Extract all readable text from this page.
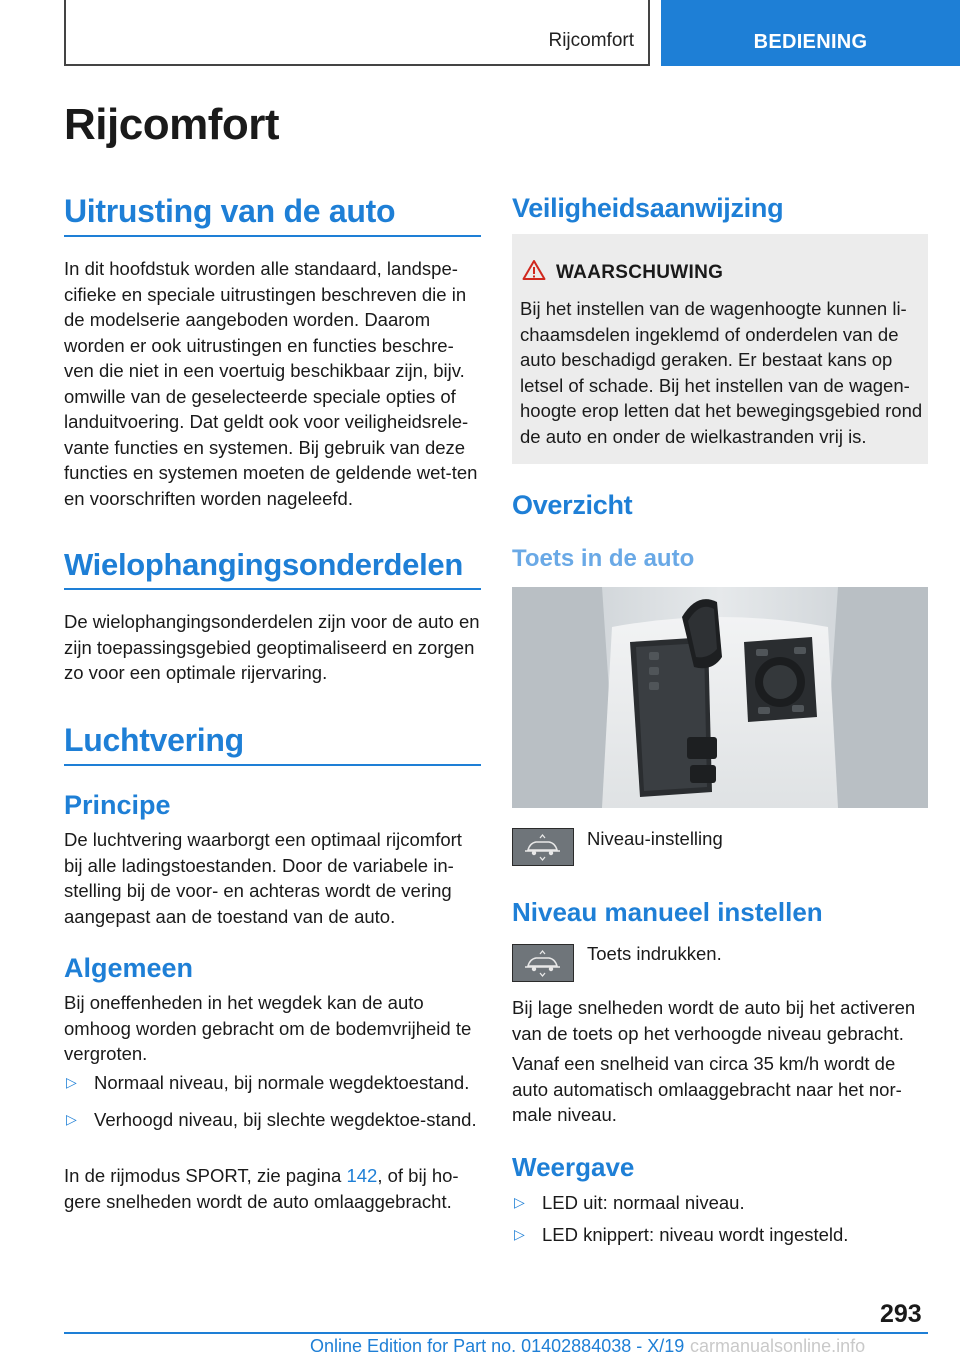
Rijcomfort	BEDIENING
Rijcomfort
Uitrusting van de auto
In dit hoofdstuk worden alle standaard, landspe-cifieke en speciale uitrustingen beschreven die in de modelserie aangeboden worden. Daarom worden er ook uitrustingen en functies beschre-ven die niet in een voertuig beschikbaar zijn, bijv. omwille van de geselecteerde speciale opties of landuitvoering. Dat geldt ook voor veiligheidsrele-vante functies en systemen. Bij gebruik van deze functies en systemen moeten de geldende wet-ten en voorschriften worden nageleefd.
Wielophangingsonderdelen
De wielophangingsonderdelen zijn voor de auto en zijn toepassingsgebied geoptimaliseerd en zorgen zo voor een optimale rijervaring.
Luchtvering
Principe
De luchtvering waarborgt een optimaal rijcomfort bij alle ladingstoestanden. Door de variabele in-stelling bij de voor- en achteras wordt de vering aangepast aan de toestand van de auto.
Algemeen
Bij oneffenheden in het wegdek kan de auto omhoog worden gebracht om de bodemvrijheid te vergroten.
▷ Normaal niveau, bij normale wegdektoestand.
▷ Verhoogd niveau, bij slechte wegdektoe-stand.
In de rijmodus SPORT, zie pagina 142, of bij ho-gere snelheden wordt de auto omlaaggebracht.
Veiligheidsaanwijzing
WAARSCHUWING
Bij het instellen van de wagenhoogte kunnen li-chaamsdelen ingeklemd of onderdelen van de auto beschadigd geraken. Er bestaat kans op letsel of schade. Bij het instellen van de wagen-hoogte erop letten dat het bewegingsgebied rond de auto en onder de wielkastranden vrij is.
Overzicht
Toets in de auto
Niveau-instelling
Niveau manueel instellen
Toets indrukken.
Bij lage snelheden wordt de auto bij het activeren van de toets op het verhoogde niveau gebracht.
Vanaf een snelheid van circa 35 km/h wordt de auto automatisch omlaaggebracht naar het nor-male niveau.
Weergave
▷ LED uit: normaal niveau.
▷ LED knippert: niveau wordt ingesteld.
293
Online Edition for Part no. 01402884038 - X/19 carmanualsonline.info
